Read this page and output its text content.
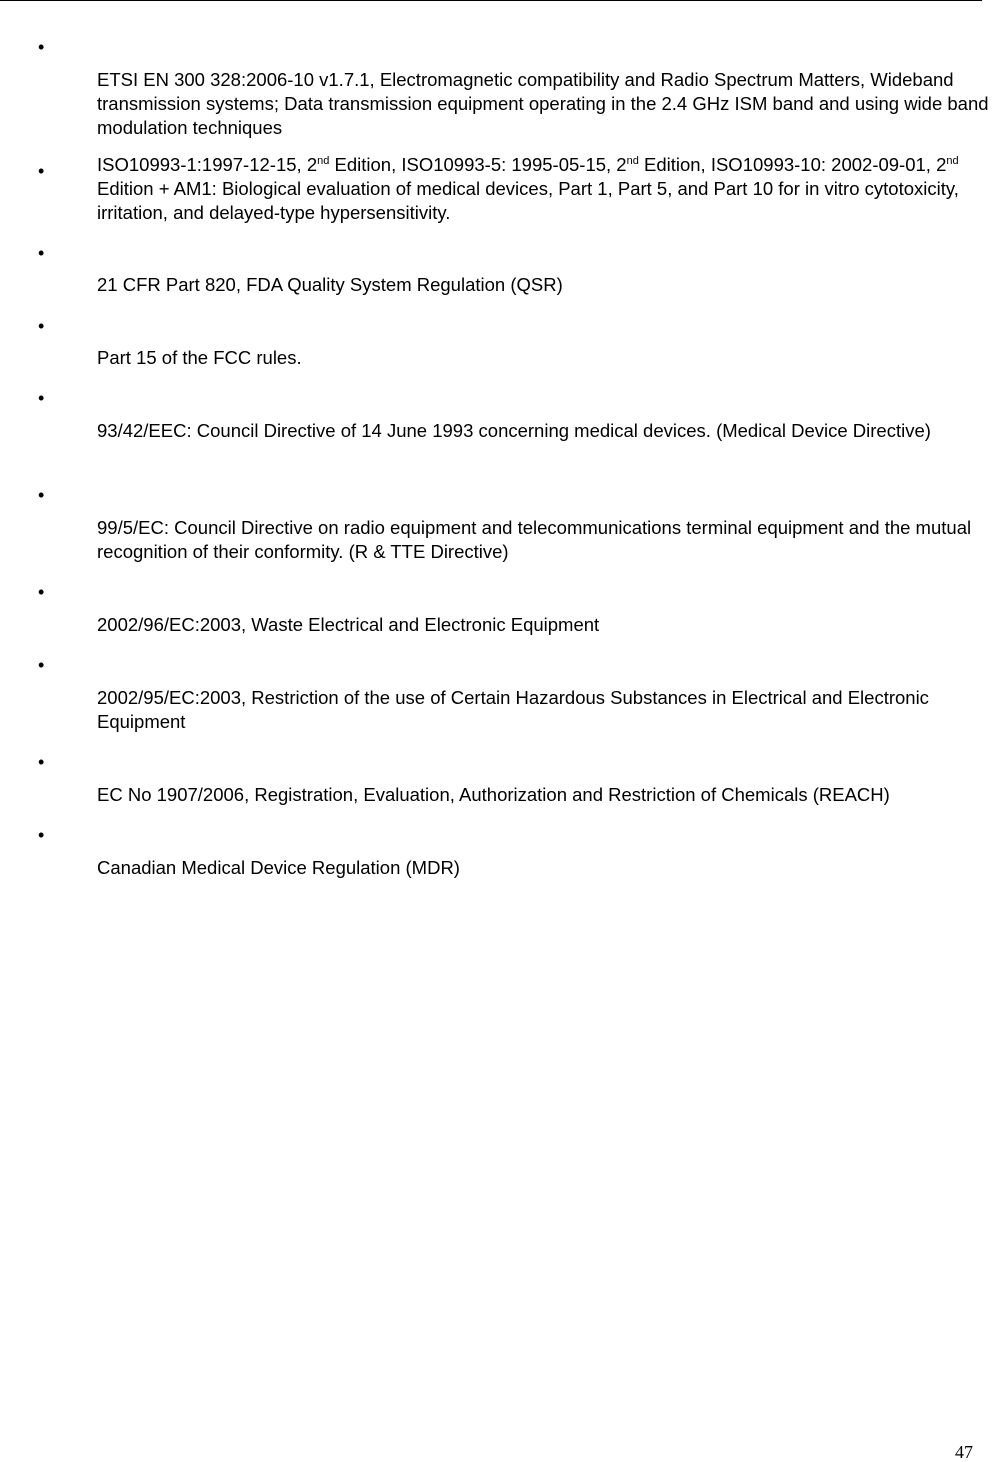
•

ETSI EN 300 328:2006-10 v1.7.1, Electromagnetic compatibility and Radio Spectrum Matters, Wideband transmission systems; Data transmission equipment operating in the 2.4 GHz ISM band and using wide band modulation techniques

•	ISO10993-1:1997-12-15, 2nd Edition, ISO10993-5: 1995-05-15, 2nd Edition, ISO10993-10: 2002-09-01, 2nd Edition + AM1: Biological evaluation of medical devices, Part 1, Part 5, and Part 10 for in vitro cytotoxicity, irritation, and delayed-type hypersensitivity.

•

21 CFR Part 820, FDA Quality System Regulation (QSR)

•

Part 15 of the FCC rules.

•

93/42/EEC: Council Directive of 14 June 1993 concerning medical devices. (Medical Device Directive)

•

99/5/EC: Council Directive on radio equipment and telecommunications terminal equipment and the mutual recognition of their conformity. (R & TTE Directive)

•

2002/96/EC:2003, Waste Electrical and Electronic Equipment

•

2002/95/EC:2003, Restriction of the use of Certain Hazardous Substances in Electrical and Electronic Equipment

•

EC No 1907/2006, Registration, Evaluation, Authorization and Restriction of Chemicals (REACH)

•

Canadian Medical Device Regulation (MDR)

47
